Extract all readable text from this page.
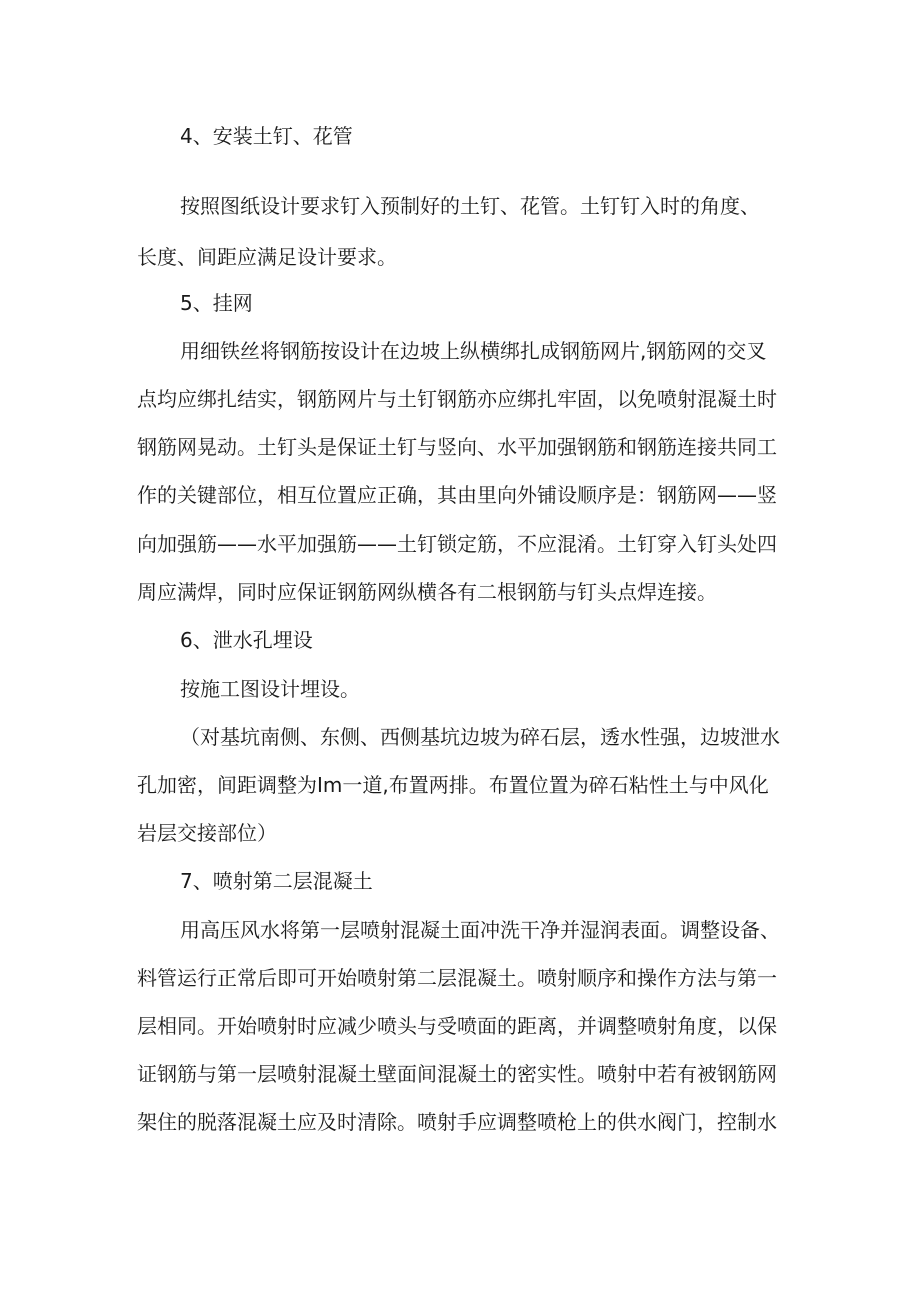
4、安装土钉、花管
按照图纸设计要求钉入预制好的土钉、花管。土钉钉入时的角度、
长度、间距应满足设计要求。
5、挂网
用细铁丝将钢筋按设计在边坡上纵横绑扎成钢筋网片,钢筋网的交叉
点均应绑扎结实，钢筋网片与土钉钢筋亦应绑扎牢固，以免喷射混凝土时
钢筋网晃动。土钉头是保证土钉与竖向、水平加强钢筋和钢筋连接共同工
作的关键部位，相互位置应正确，其由里向外铺设顺序是：钢筋网——竖
向加强筋——水平加强筋——土钉锁定筋，不应混淆。土钉穿入钉头处四
周应满焊，同时应保证钢筋网纵横各有二根钢筋与钉头点焊连接。
6、泄水孔埋设
按施工图设计埋设。
（对基坑南侧、东侧、西侧基坑边坡为碎石层，透水性强，边坡泄水
孔加密，间距调整为Im一道,布置两排。布置位置为碎石粘性土与中风化
岩层交接部位）
7、喷射第二层混凝土
用高压风水将第一层喷射混凝土面冲洗干净并湿润表面。调整设备、
料管运行正常后即可开始喷射第二层混凝土。喷射顺序和操作方法与第一
层相同。开始喷射时应减少喷头与受喷面的距离，并调整喷射角度，以保
证钢筋与第一层喷射混凝土壁面间混凝土的密实性。喷射中若有被钢筋网
架住的脱落混凝土应及时清除。喷射手应调整喷枪上的供水阀门，控制水
